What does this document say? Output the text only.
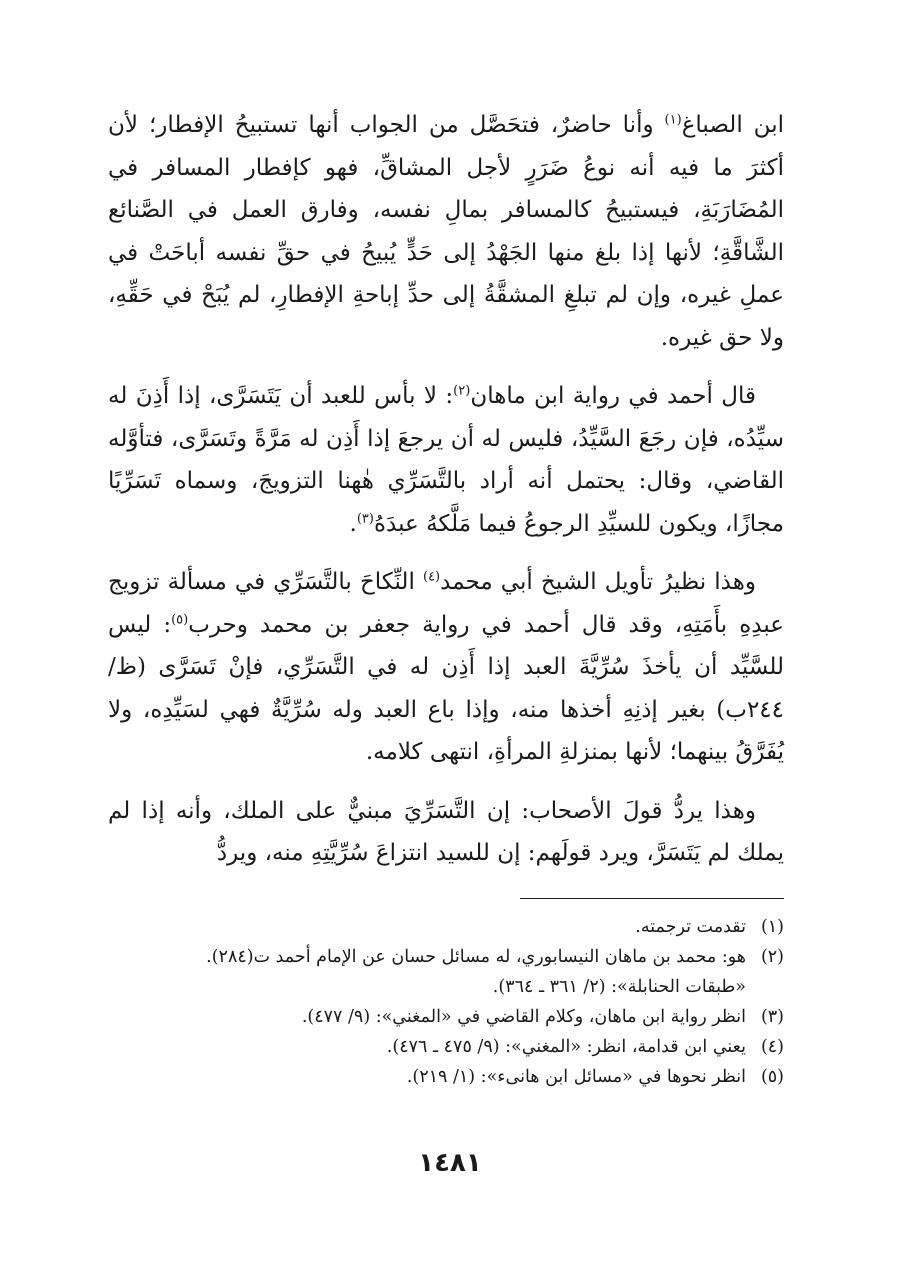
ابن الصباغ$^{(١)}$ وأنا حاضرٌ، فتحَصَّل من الجواب أنها تستبيحُ الإفطار؛ لأن أكثرَ ما فيه أنه نوعُ ضَرَرٍ لأجل المشاقِّ، فهو كإفطار المسافر في المُضَارَبَةِ، فيستبيحُ كالمسافر بمالِ نفسه، وفارق العمل في الصَّنائع الشَّاقَّةِ؛ لأنها إذا بلغ منها الجَهْدُ إلى حَدٍّ يُبيحُ في حقِّ نفسه أباحَتْ في عملِ غيره، وإن لم تبلغِ المشقَّةُ إلى حدِّ إباحةِ الإفطارِ، لم يُبَحْ في حَقِّهِ، ولا حق غيره.

قال أحمد في رواية ابن ماهان$^{(٢)}$: لا بأس للعبد أن يَتَسَرَّى، إذا أَذِنَ له سيِّدُه، فإن رجَعَ السَّيِّدُ، فليس له أن يرجعَ إذا أَذِن له مَرَّةً وتَسَرَّى، فتأوَّله القاضي، وقال: يحتمل أنه أراد بالتَّسَرِّي هٰهنا التزويجَ، وسماه تَسَرِّيًا مجازًا، ويكون للسيِّدِ الرجوعُ فيما مَلَّكهُ عبدَهُ$^{(٣)}$.

وهذا نظيرُ تأويل الشيخ أبي محمد$^{(٤)}$ النِّكاحَ بالتَّسَرِّي في مسألة تزويج عبدِهِ بأَمَتِهِ، وقد قال أحمد في رواية جعفر بن محمد وحرب$^{(٥)}$: ليس للسَّيِّد أن يأخذَ سُرِّيَّةَ العبد إذا أَذِن له في التَّسَرِّي، فإنْ تَسَرَّى (ظ/٢٤٤ب) بغير إذنِهِ أخذها منه، وإذا باع العبد وله سُرِّيَّةٌ فهي لسَيِّدِه، ولا يُفَرَّقُ بينهما؛ لأنها بمنزلةِ المرأةِ، انتهى كلامه.

وهذا يردُّ قولَ الأصحاب: إن التَّسَرِّيَ مبنيٌّ على الملك، وأنه إذا لم يملك لم يَتَسَرَّ، ويرد قولَهم: إن للسيد انتزاعَ سُرِّيَّتِهِ منه، ويردُّ

(١)
تقدمت ترجمته.
(٢)
هو: محمد بن ماهان النيسابوري، له مسائل حسان عن الإمام أحمد ت(٢٨٤).
«طبقات الحنابلة»: (٢/ ٣٦١ ـ ٣٦٤).
(٣)
انظر رواية ابن ماهان، وكلام القاضي في «المغني»: (٩/ ٤٧٧).
(٤)
يعني ابن قدامة، انظر: «المغني»: (٩/ ٤٧٥ ـ ٤٧٦).
(٥)
انظر نحوها في «مسائل ابن هانىء»: (١/ ٢١٩).
١٤٨١
